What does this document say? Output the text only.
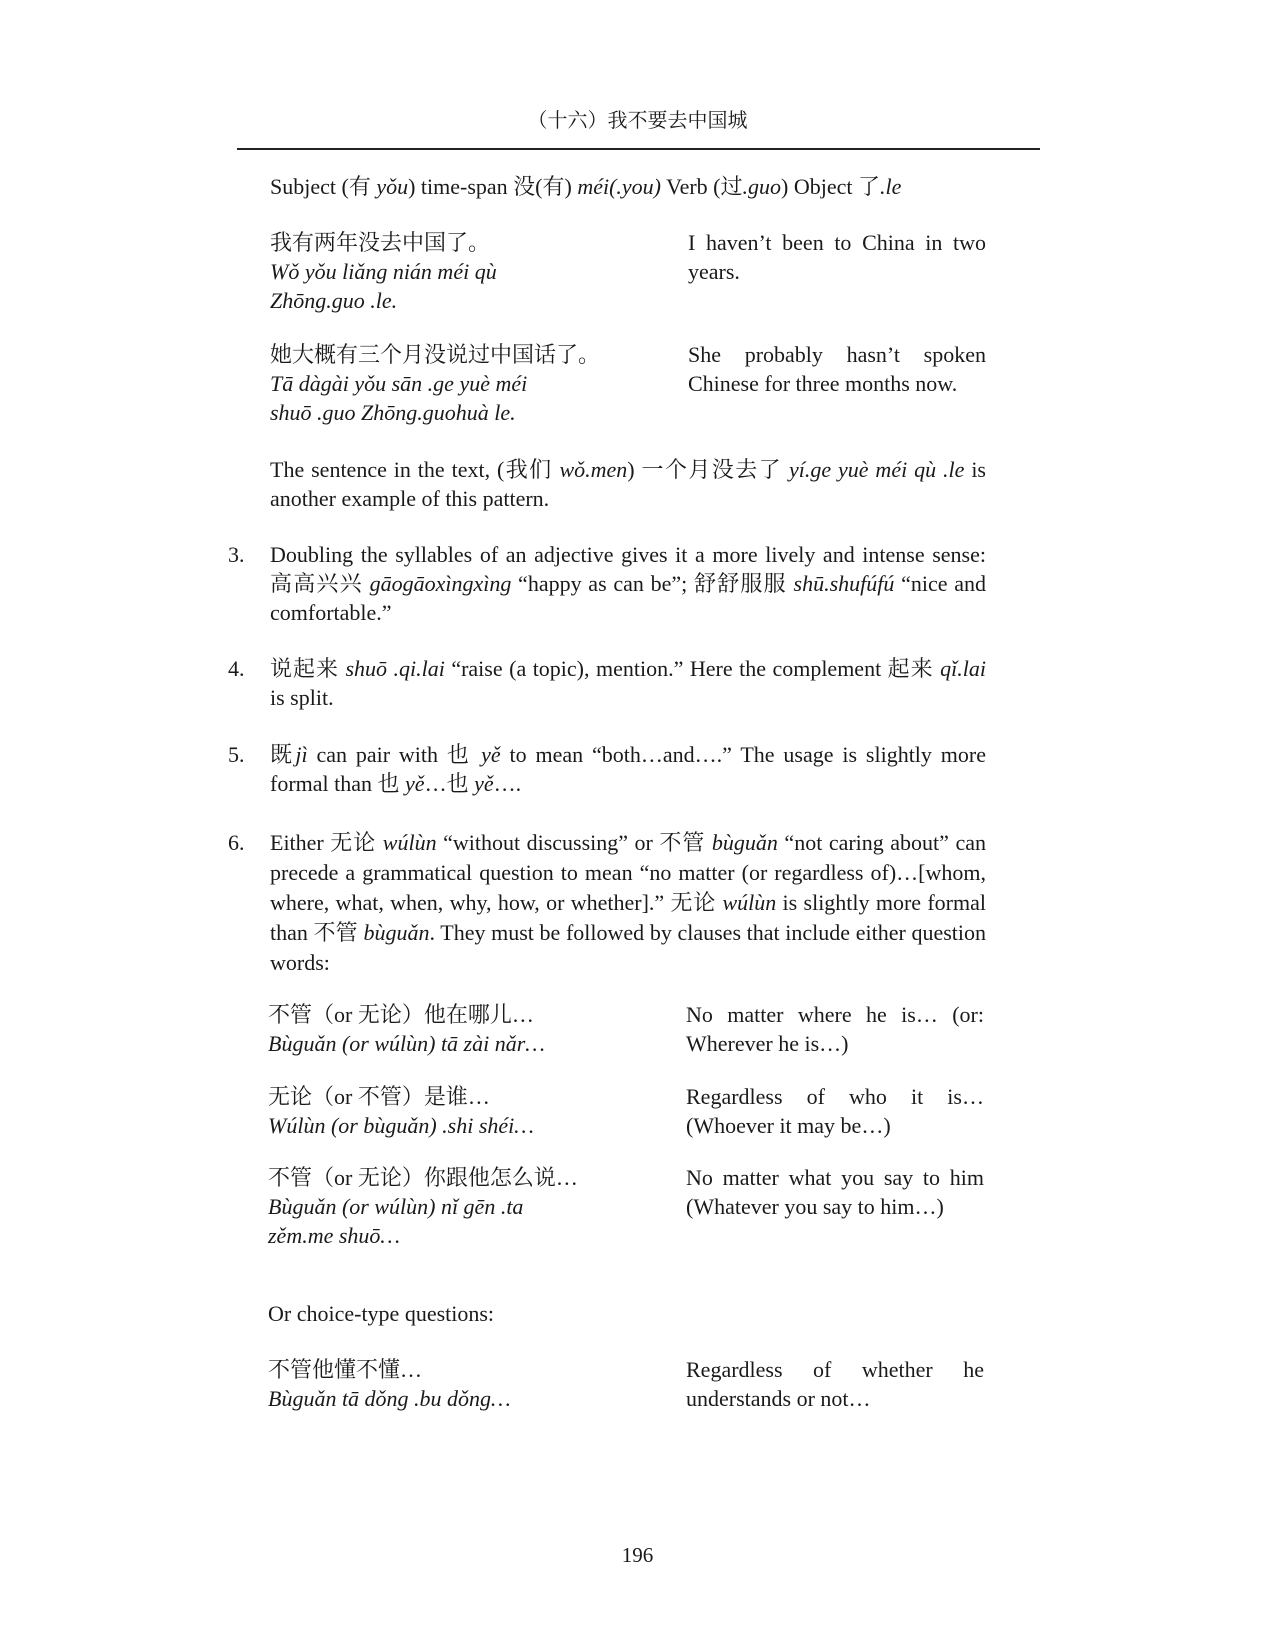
（十六）我不要去中国城
Subject (有 yǒu) time-span 没(有) méi(.you) Verb (过.guo) Object 了.le
我有两年没去中国了。
Wǒ yǒu liǎng nián méi qù
Zhōng.guo .le.
I haven’t been to China in two years.
她大概有三个月没说过中国话了。
Tā dàgài yǒu sān .ge yuè méi
shuō .guo Zhōng.guohuà le.
She probably hasn’t spoken Chinese for three months now.
The sentence in the text, (我们 wǒ.men) 一个月没去了 yí.ge yuè méi qù .le is another example of this pattern.
3. Doubling the syllables of an adjective gives it a more lively and intense sense: 高高兴兴 gāogāoxìngxìng “happy as can be”; 舒舒服服 shū.shufúfú “nice and comfortable.”
4. 说起来 shuō .qi.lai “raise (a topic), mention.” Here the complement 起来 qǐ.lai is split.
5. 既jì can pair with 也 yě to mean “both…and….” The usage is slightly more formal than 也 yě…也 yě….
6. Either 无论 wúlùn “without discussing” or 不管 bùguǎn “not caring about” can precede a grammatical question to mean “no matter (or regardless of)…[whom, where, what, when, why, how, or whether].” 无论 wúlùn is slightly more formal than 不管 bùguǎn. They must be followed by clauses that include either question words:
不管（or 无论）他在哪儿…
Bùguǎn (or wúlùn) tā zài nǎr…
No matter where he is… (or: Wherever he is…)
无论（or 不管）是谁…
Wúlùn (or bùguǎn) .shi shéi…
Regardless of who it is… (Whoever it may be…)
不管（or 无论）你跟他怎么说…
Bùguǎn (or wúlùn) nǐ gēn .ta
zěm.me shuō…
No matter what you say to him (Whatever you say to him…)
Or choice-type questions:
不管他懂不懂…
Bùguǎn tā dǒng .bu dǒng…
Regardless of whether he understands or not…
196
